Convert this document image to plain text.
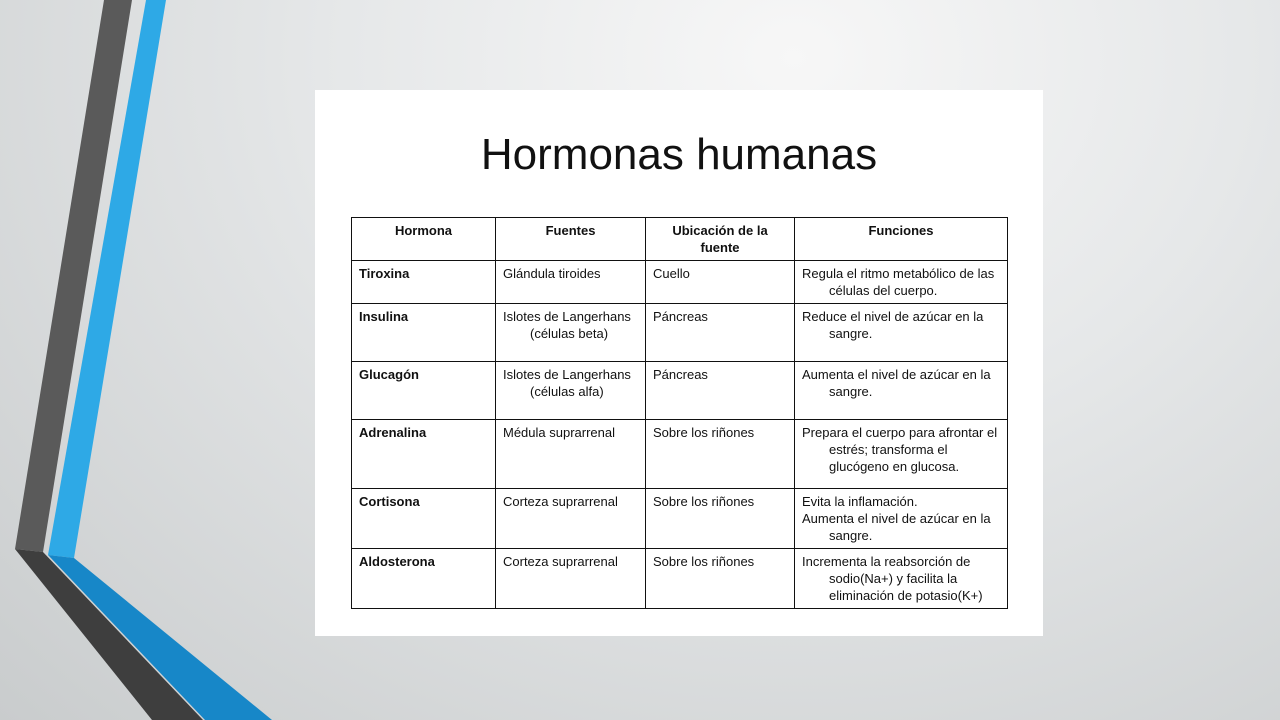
Hormonas humanas
Hormona	Fuentes	Ubicación de la fuente	Funciones
Tiroxina	Glándula tiroides	Cuello	Regula el ritmo metabólico de las células del cuerpo.

Insulina	Islotes de Langerhans (células beta)	Páncreas	Reduce el nivel de azúcar en la sangre.

Glucagón	Islotes de Langerhans (células alfa)	Páncreas	Aumenta el nivel de azúcar en la sangre.

Adrenalina	Médula suprarrenal	Sobre los riñones	Prepara el cuerpo para afrontar el estrés; transforma el glucógeno en glucosa.

Cortisona	Corteza suprarrenal	Sobre los riñones	Evita la inflamación.
Aumenta el nivel de azúcar en la sangre.

Aldosterona	Corteza suprarrenal	Sobre los riñones	Incrementa la reabsorción de sodio(Na+) y facilita la eliminación de potasio(K+)
